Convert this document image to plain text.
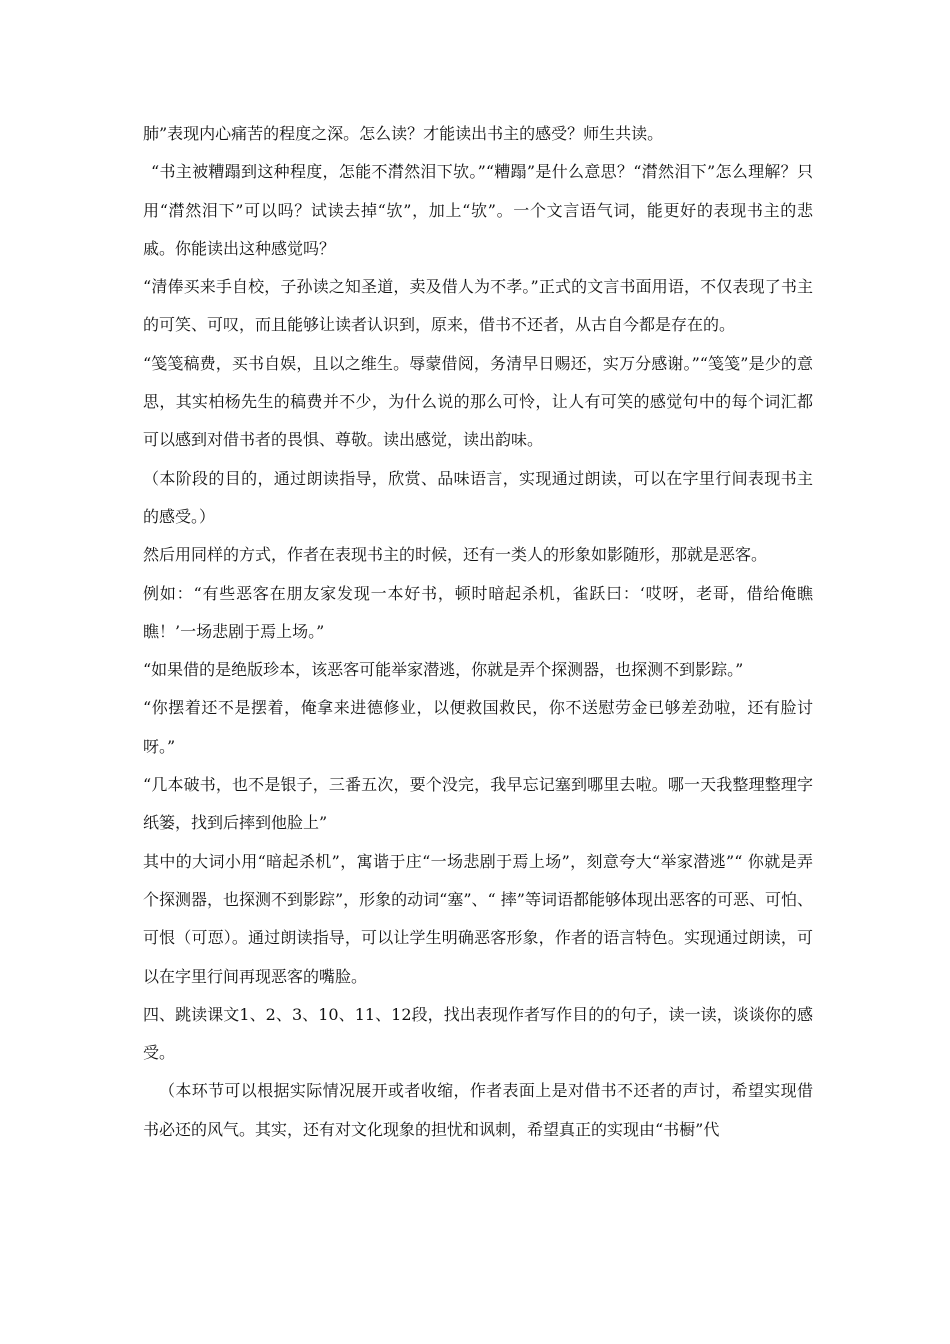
肺”表现内心痛苦的程度之深。怎么读？才能读出书主的感受？师生共读。

“书主被糟蹋到这种程度，怎能不潸然泪下欤。”“糟蹋”是什么意思？“潸然泪下”怎么理解？只用“潸然泪下”可以吗？试读去掉“欤”，加上“欤”。一个文言语气词，能更好的表现书主的悲戚。你能读出这种感觉吗？

“清俸买来手自校，子孙读之知圣道，卖及借人为不孝。”正式的文言书面用语，不仅表现了书主的可笑、可叹，而且能够让读者认识到，原来，借书不还者，从古自今都是存在的。

“笺笺稿费，买书自娱，且以之维生。辱蒙借阅，务清早日赐还，实万分感谢。”“笺笺”是少的意思，其实柏杨先生的稿费并不少，为什么说的那么可怜，让人有可笑的感觉句中的每个词汇都可以感到对借书者的畏惧、尊敬。读出感觉，读出韵味。

（本阶段的目的，通过朗读指导，欣赏、品味语言，实现通过朗读，可以在字里行间表现书主的感受。）

然后用同样的方式，作者在表现书主的时候，还有一类人的形象如影随形，那就是恶客。

例如：“有些恶客在朋友家发现一本好书，顿时暗起杀机，雀跃曰：‘哎呀，老哥，借给俺瞧瞧！’一场悲剧于焉上场。”

“如果借的是绝版珍本，该恶客可能举家潜逃，你就是弄个探测器，也探测不到影踪。”

“你摆着还不是摆着，俺拿来进德修业，以便救国救民，你不送慰劳金已够差劲啦，还有脸讨呀。”

“几本破书，也不是银子，三番五次，要个没完，我早忘记塞到哪里去啦。哪一天我整理整理字纸篓，找到后摔到他脸上”

其中的大词小用“暗起杀机”，寓谐于庄“一场悲剧于焉上场”，刻意夸大“举家潜逃”“ 你就是弄个探测器，也探测不到影踪”，形象的动词“塞”、“ 摔”等词语都能够体现出恶客的可恶、可怕、可恨（可恧）。通过朗读指导，可以让学生明确恶客形象，作者的语言特色。实现通过朗读，可以在字里行间再现恶客的嘴脸。

四、跳读课文1、2、3、10、11、12段，找出表现作者写作目的的句子，读一读，谈谈你的感受。

（本环节可以根据实际情况展开或者收缩，作者表面上是对借书不还者的声讨，希望实现借书必还的风气。其实，还有对文化现象的担忧和讽刺，希望真正的实现由“书橱”代
